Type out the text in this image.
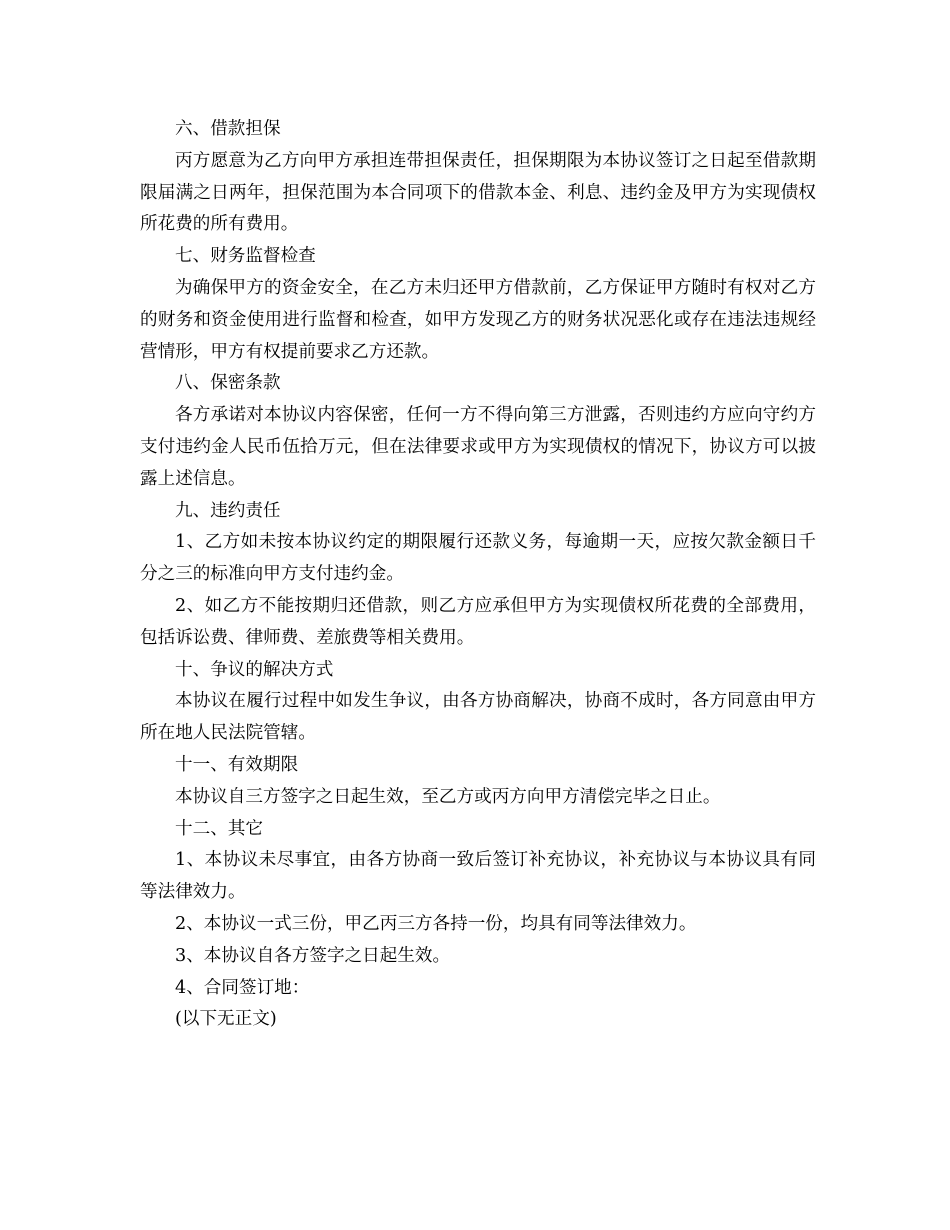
六、借款担保

丙方愿意为乙方向甲方承担连带担保责任，担保期限为本协议签订之日起至借款期限届满之日两年，担保范围为本合同项下的借款本金、利息、违约金及甲方为实现债权所花费的所有费用。

七、财务监督检查

为确保甲方的资金安全，在乙方未归还甲方借款前，乙方保证甲方随时有权对乙方的财务和资金使用进行监督和检查，如甲方发现乙方的财务状况恶化或存在违法违规经营情形，甲方有权提前要求乙方还款。

八、保密条款

各方承诺对本协议内容保密，任何一方不得向第三方泄露，否则违约方应向守约方支付违约金人民币伍拾万元，但在法律要求或甲方为实现债权的情况下，协议方可以披露上述信息。

九、违约责任

1、乙方如未按本协议约定的期限履行还款义务，每逾期一天，应按欠款金额日千分之三的标准向甲方支付违约金。

2、如乙方不能按期归还借款，则乙方应承但甲方为实现债权所花费的全部费用，包括诉讼费、律师费、差旅费等相关费用。

十、争议的解决方式

本协议在履行过程中如发生争议，由各方协商解决，协商不成时，各方同意由甲方所在地人民法院管辖。

十一、有效期限

本协议自三方签字之日起生效，至乙方或丙方向甲方清偿完毕之日止。

十二、其它

1、本协议未尽事宜，由各方协商一致后签订补充协议，补充协议与本协议具有同等法律效力。

2、本协议一式三份，甲乙丙三方各持一份，均具有同等法律效力。

3、本协议自各方签字之日起生效。

4、合同签订地：

(以下无正文)
